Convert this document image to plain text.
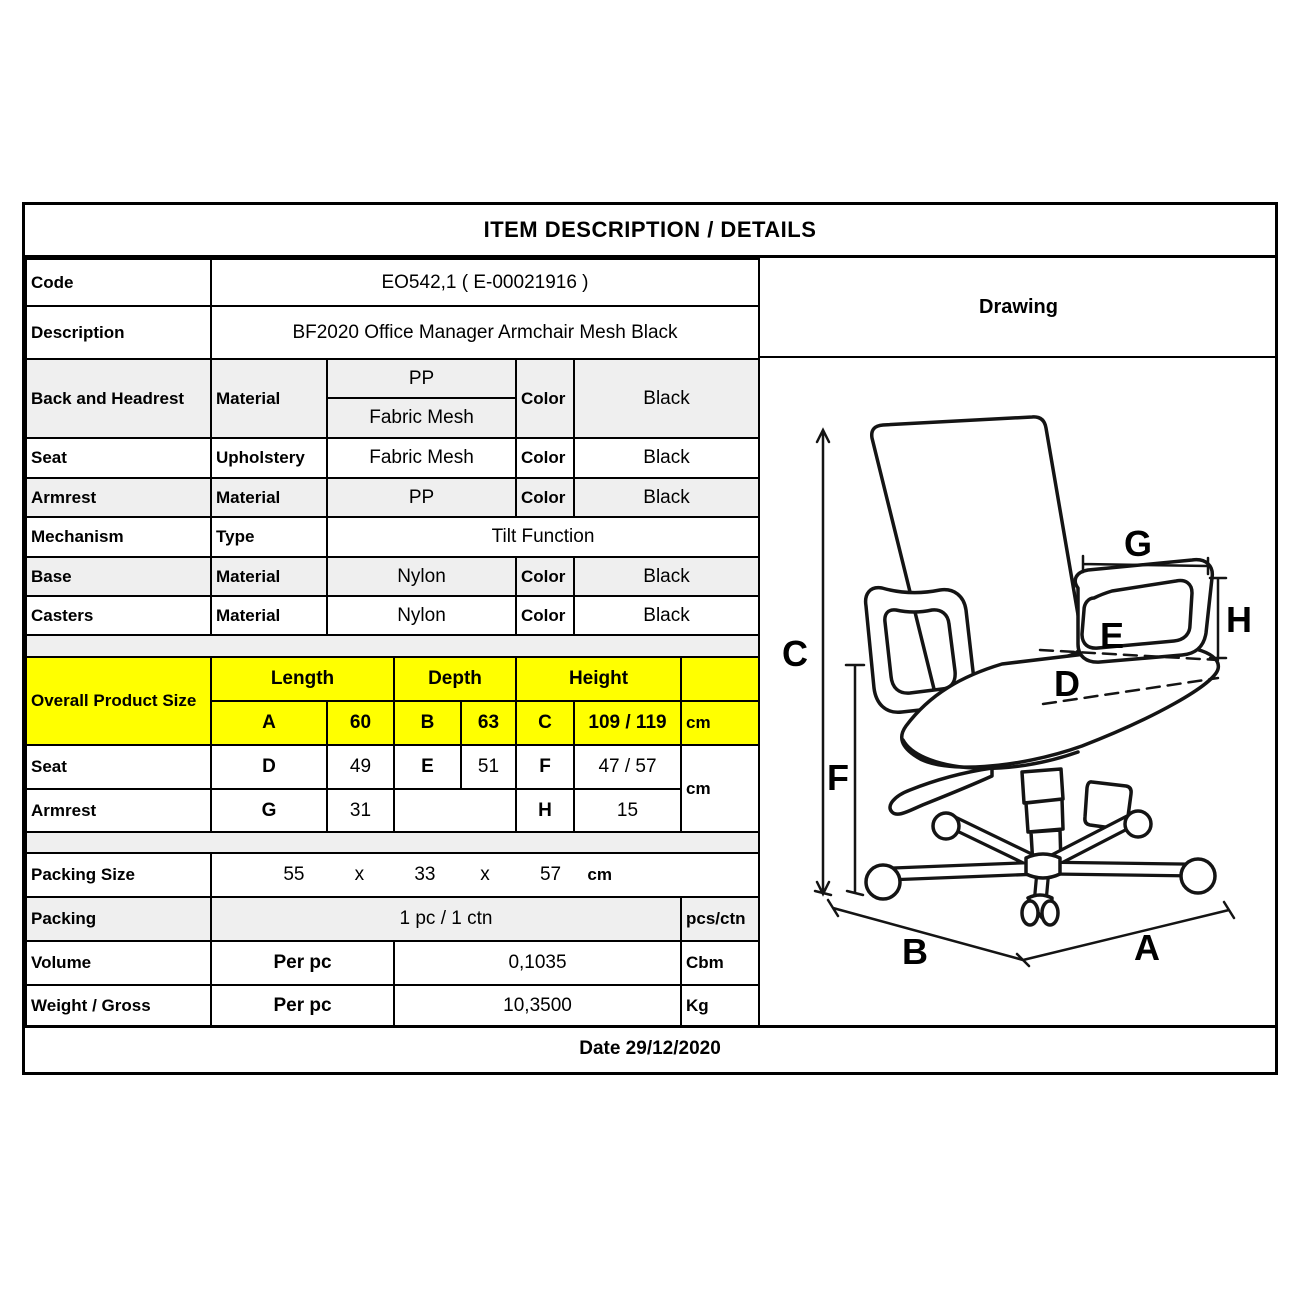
ITEM DESCRIPTION / DETAILS
Code	EO542,1 ( E-00021916 )						
Description	BF2020 Office Manager Armchair Mesh Black						
Back and Headrest	Material	PP			Color	Black	
		Fabric Mesh					
Seat	Upholstery	Fabric Mesh			Color	Black	
Armrest	Material	PP			Color	Black	
Mechanism	Type	Tilt Function					
Base	Material	Nylon			Color	Black	
Casters	Material	Nylon			Color	Black	

Overall Product Size	Length		Depth		Height		
	A	60	B	63	C	109 / 119	cm
Seat	D	49	E	51	F	47 / 57	cm
Armrest	G	31			H	15	

Packing Size	55	x	33 x	57 cm

Packing	1 pc / 1 ctn						pcs/ctn
Volume	Per pc		0,1035				Cbm
Weight / Gross	Per pc		10,3500				Kg
Drawing
C
F
G
H
E
D
B	A
Date 29/12/2020
